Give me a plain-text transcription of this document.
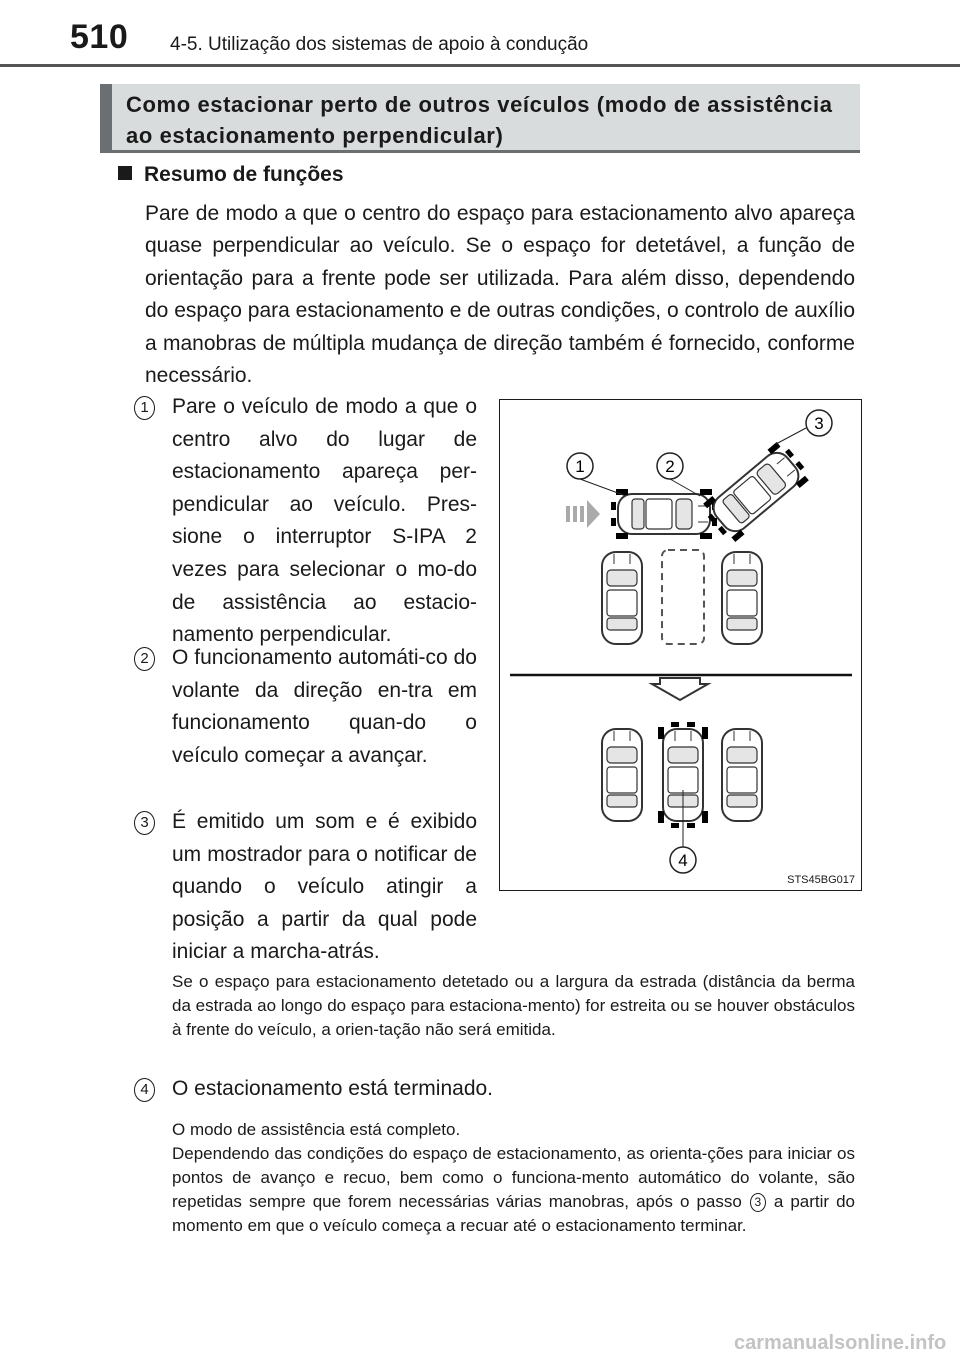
510 4-5. Utilização dos sistemas de apoio à condução
Como estacionar perto de outros veículos (modo de assistência ao estacionamento perpendicular)
Resumo de funções
Pare de modo a que o centro do espaço para estacionamento alvo apareça quase perpendicular ao veículo. Se o espaço for detetável, a função de orientação para a frente pode ser utilizada. Para além disso, dependendo do espaço para estacionamento e de outras condições, o controlo de auxílio a manobras de múltipla mudança de direção também é fornecido, conforme necessário.
1	Pare o veículo de modo a que o centro alvo do lugar de estacionamento apareça per-pendicular ao veículo. Pres-sione o interruptor S-IPA 2 vezes para selecionar o mo-do de assistência ao estacio-namento perpendicular.
2	O funcionamento automáti-co do volante da direção en-tra em funcionamento quan-do o veículo começar a avançar.
3	É emitido um som e é exibido um mostrador para o notificar de quando o veículo atingir a posição a partir da qual pode iniciar a marcha-atrás.
Se o espaço para estacionamento detetado ou a largura da estrada (distância da berma da estrada ao longo do espaço para estaciona-mento) for estreita ou se houver obstáculos à frente do veículo, a orien-tação não será emitida.
4	O estacionamento está terminado.
O modo de assistência está completo.
Dependendo das condições do espaço de estacionamento, as orienta-ções para iniciar os pontos de avanço e recuo, bem como o funciona-mento automático do volante, são repetidas sempre que forem necessárias várias manobras, após o passo 3 a partir do momento em que o veículo começa a recuar até o estacionamento terminar.
1	2
3
4
STS45BG017
carmanualsonline.info
